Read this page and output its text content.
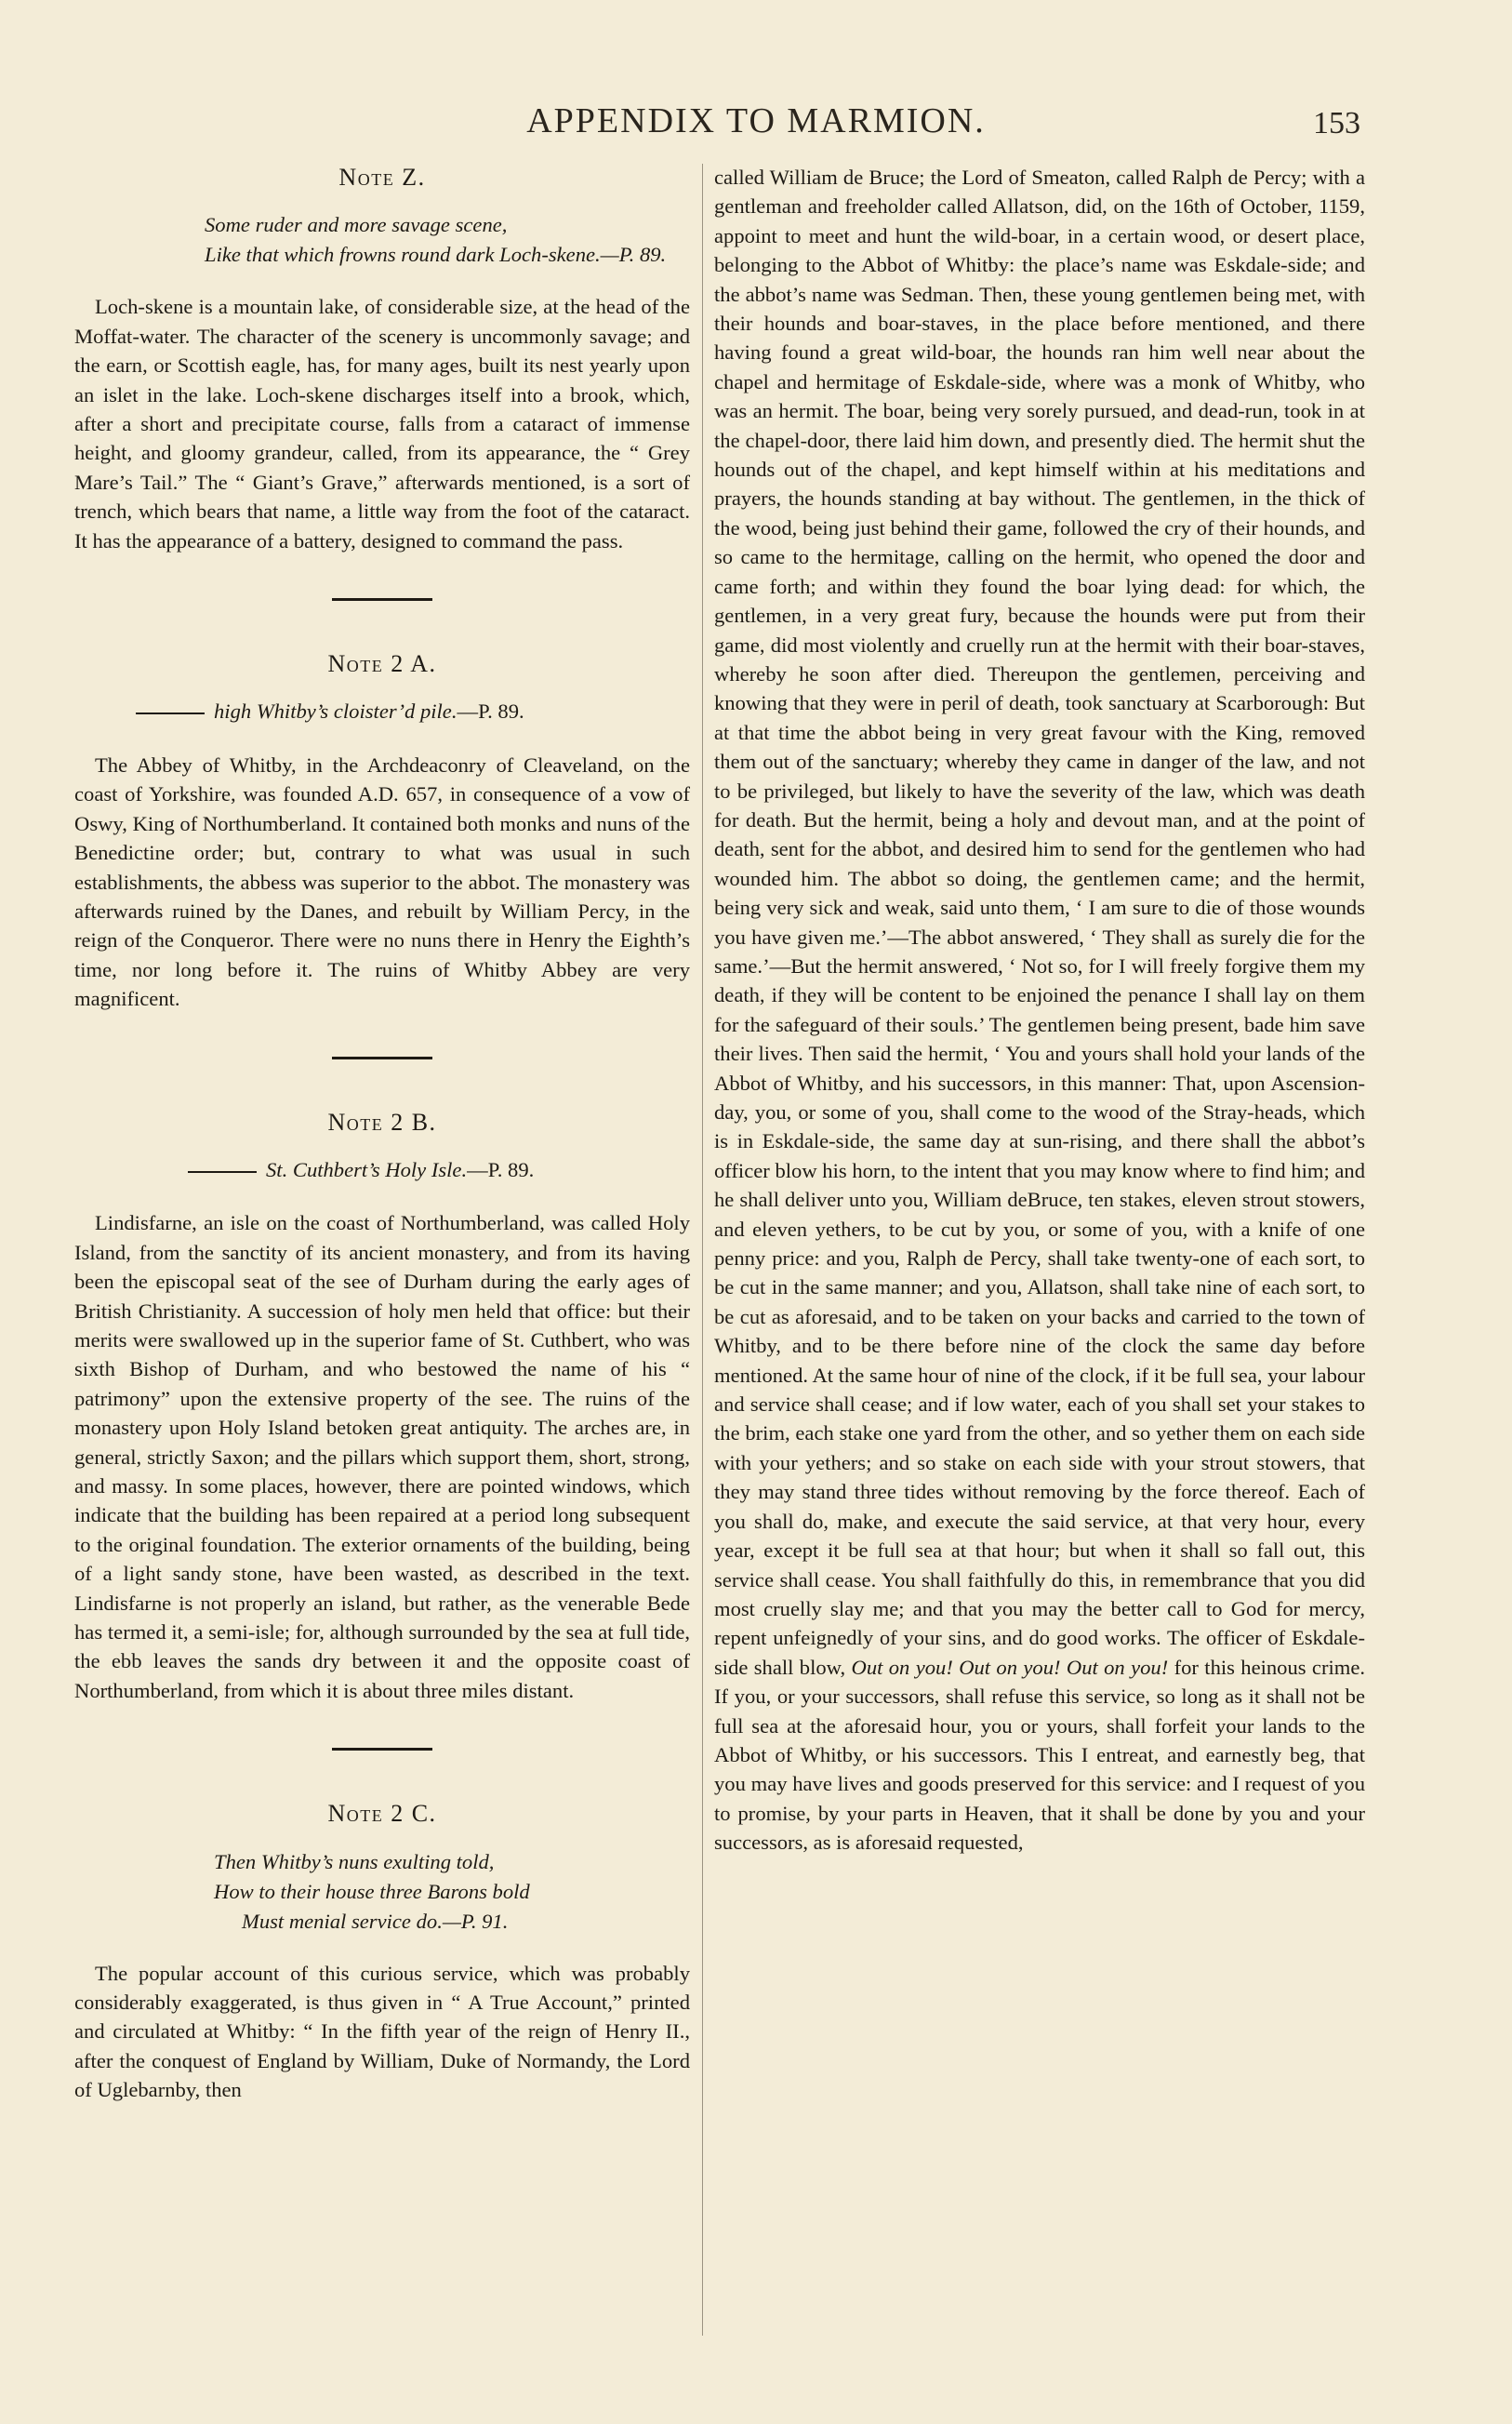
APPENDIX TO MARMION.	153
Note Z.
Some ruder and more savage scene,
Like that which frowns round dark Loch-skene.—P. 89.

Loch-skene is a mountain lake, of considerable size, at the head of the Moffat-water. The character of the scenery is uncommonly savage; and the earn, or Scottish eagle, has, for many ages, built its nest yearly upon an islet in the lake. Loch-skene discharges itself into a brook, which, after a short and precipitate course, falls from a cataract of immense height, and gloomy grandeur, called, from its appearance, the “ Grey Mare’s Tail.” The “ Giant’s Grave,” afterwards mentioned, is a sort of trench, which bears that name, a little way from the foot of the cataract. It has the appearance of a battery, designed to command the pass.

Note 2 A.
high Whitby’s cloister’d pile.—P. 89.

The Abbey of Whitby, in the Archdeaconry of Cleaveland, on the coast of Yorkshire, was founded A.D. 657, in consequence of a vow of Oswy, King of Northumberland. It contained both monks and nuns of the Benedictine order; but, contrary to what was usual in such establishments, the abbess was superior to the abbot. The monastery was afterwards ruined by the Danes, and rebuilt by William Percy, in the reign of the Conqueror. There were no nuns there in Henry the Eighth’s time, nor long before it. The ruins of Whitby Abbey are very magnificent.

Note 2 B.
St. Cuthbert’s Holy Isle.—P. 89.

Lindisfarne, an isle on the coast of Northumberland, was called Holy Island, from the sanctity of its ancient monastery, and from its having been the episcopal seat of the see of Durham during the early ages of British Christianity. A succession of holy men held that office: but their merits were swallowed up in the superior fame of St. Cuthbert, who was sixth Bishop of Durham, and who bestowed the name of his “ patrimony” upon the extensive property of the see. The ruins of the monastery upon Holy Island betoken great antiquity. The arches are, in general, strictly Saxon; and the pillars which support them, short, strong, and massy. In some places, however, there are pointed windows, which indicate that the building has been repaired at a period long subsequent to the original foundation. The exterior ornaments of the building, being of a light sandy stone, have been wasted, as described in the text. Lindisfarne is not properly an island, but rather, as the venerable Bede has termed it, a semi-isle; for, although surrounded by the sea at full tide, the ebb leaves the sands dry between it and the opposite coast of Northumberland, from which it is about three miles distant.

Note 2 C.
Then Whitby’s nuns exulting told,
How to their house three Barons bold
Must menial service do.—P. 91.

The popular account of this curious service, which was probably considerably exaggerated, is thus given in “ A True Account,” printed and circulated at Whitby: “ In the fifth year of the reign of Henry II., after the conquest of England by William, Duke of Normandy, the Lord of Uglebarnby, then

called William de Bruce; the Lord of Smeaton, called Ralph de Percy; with a gentleman and freeholder called Allatson, did, on the 16th of October, 1159, appoint to meet and hunt the wild-boar, in a certain wood, or desert place, belonging to the Abbot of Whitby: the place’s name was Eskdale-side; and the abbot’s name was Sedman. Then, these young gentlemen being met, with their hounds and boar-staves, in the place before mentioned, and there having found a great wild-boar, the hounds ran him well near about the chapel and hermitage of Eskdale-side, where was a monk of Whitby, who was an hermit. The boar, being very sorely pursued, and dead-run, took in at the chapel-door, there laid him down, and presently died. The hermit shut the hounds out of the chapel, and kept himself within at his meditations and prayers, the hounds standing at bay without. The gentlemen, in the thick of the wood, being just behind their game, followed the cry of their hounds, and so came to the hermitage, calling on the hermit, who opened the door and came forth; and within they found the boar lying dead: for which, the gentlemen, in a very great fury, because the hounds were put from their game, did most violently and cruelly run at the hermit with their boar-staves, whereby he soon after died. Thereupon the gentlemen, perceiving and knowing that they were in peril of death, took sanctuary at Scarborough: But at that time the abbot being in very great favour with the King, removed them out of the sanctuary; whereby they came in danger of the law, and not to be privileged, but likely to have the severity of the law, which was death for death. But the hermit, being a holy and devout man, and at the point of death, sent for the abbot, and desired him to send for the gentlemen who had wounded him. The abbot so doing, the gentlemen came; and the hermit, being very sick and weak, said unto them, ‘ I am sure to die of those wounds you have given me.’—The abbot answered, ‘ They shall as surely die for the same.’—But the hermit answered, ‘ Not so, for I will freely forgive them my death, if they will be content to be enjoined the penance I shall lay on them for the safeguard of their souls.’ The gentlemen being present, bade him save their lives. Then said the hermit, ‘ You and yours shall hold your lands of the Abbot of Whitby, and his successors, in this manner: That, upon Ascension-day, you, or some of you, shall come to the wood of the Stray-heads, which is in Eskdale-side, the same day at sun-rising, and there shall the abbot’s officer blow his horn, to the intent that you may know where to find him; and he shall deliver unto you, William deBruce, ten stakes, eleven strout stowers, and eleven yethers, to be cut by you, or some of you, with a knife of one penny price: and you, Ralph de Percy, shall take twenty-one of each sort, to be cut in the same manner; and you, Allatson, shall take nine of each sort, to be cut as aforesaid, and to be taken on your backs and carried to the town of Whitby, and to be there before nine of the clock the same day before mentioned. At the same hour of nine of the clock, if it be full sea, your labour and service shall cease; and if low water, each of you shall set your stakes to the brim, each stake one yard from the other, and so yether them on each side with your yethers; and so stake on each side with your strout stowers, that they may stand three tides without removing by the force thereof. Each of you shall do, make, and execute the said service, at that very hour, every year, except it be full sea at that hour; but when it shall so fall out, this service shall cease. You shall faithfully do this, in remembrance that you did most cruelly slay me; and that you may the better call to God for mercy, repent unfeignedly of your sins, and do good works. The officer of Eskdale-side shall blow, Out on you! Out on you! Out on you! for this heinous crime. If you, or your successors, shall refuse this service, so long as it shall not be full sea at the aforesaid hour, you or yours, shall forfeit your lands to the Abbot of Whitby, or his successors. This I entreat, and earnestly beg, that you may have lives and goods preserved for this service: and I request of you to promise, by your parts in Heaven, that it shall be done by you and your successors, as is aforesaid requested,
